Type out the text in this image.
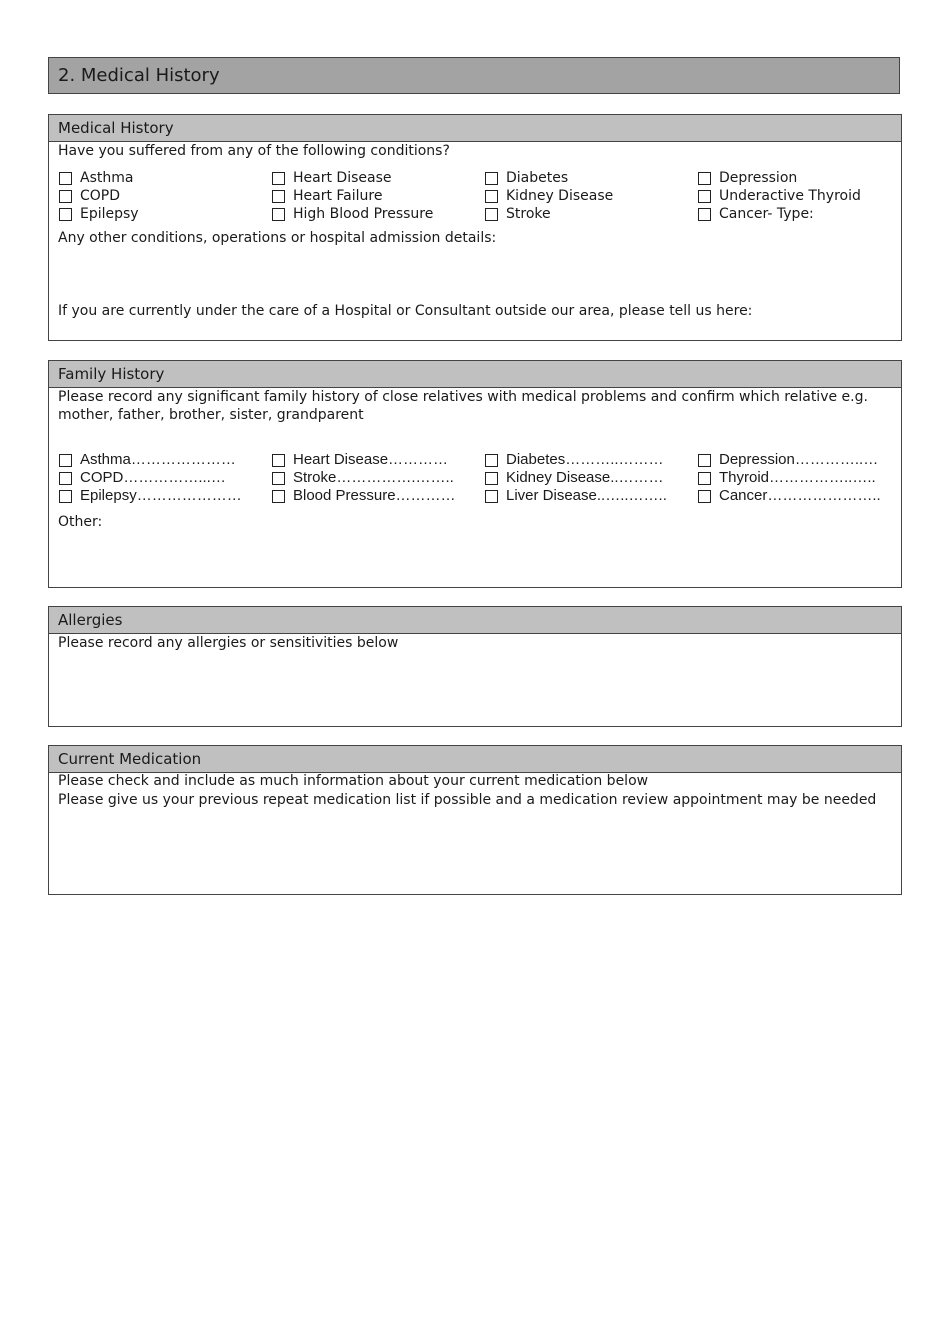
2. Medical History
Medical History
Have you suffered from any of the following conditions?
Asthma
COPD
Epilepsy
Heart Disease
Heart Failure
High Blood Pressure
Diabetes
Kidney Disease
Stroke
Depression
Underactive Thyroid
Cancer- Type:
Any other conditions, operations or hospital admission details:
If you are currently under the care of a Hospital or Consultant outside our area, please tell us here:
Family History
Please record any significant family history of close relatives with medical problems and confirm which relative e.g.
mother, father, brother, sister, grandparent
Asthma…………………
COPD……………...…
Epilepsy…………………
Heart Disease…………
Stroke…………….……..
Blood Pressure…………
Diabetes………..………
Kidney Disease..………
Liver Disease..…..……..
Depression…………..…
Thyroid……………..…..
Cancer…………………..
Other:
Allergies
Please record any allergies or sensitivities below
Current Medication
Please check and include as much information about your current medication below
Please give us your previous repeat medication list if possible and a medication review appointment may be needed
